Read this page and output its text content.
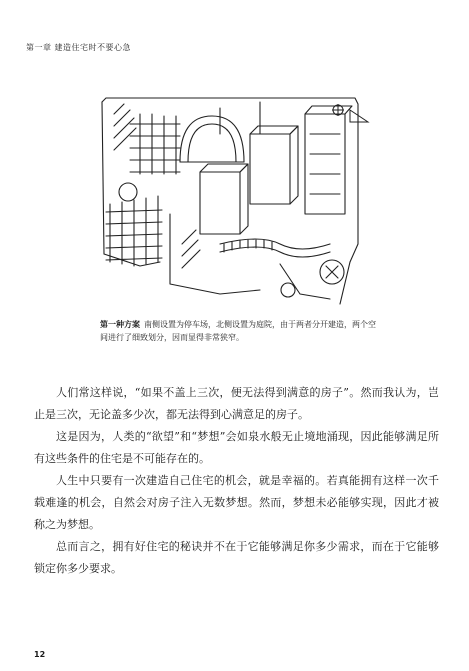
第一章 建造住宅时不要心急
第一种方案 南侧设置为停车场，北侧设置为庭院，由于两者分开建造，两个空间进行了细致划分，因而显得非常狭窄。

人们常这样说，“如果不盖上三次，便无法得到满意的房子”。然而我认为，岂止是三次，无论盖多少次，都无法得到心满意足的房子。

这是因为，人类的“欲望”和“梦想”会如泉水般无止境地涌现，因此能够满足所有这些条件的住宅是不可能存在的。

人生中只要有一次建造自己住宅的机会，就是幸福的。若真能拥有这样一次千载难逢的机会，自然会对房子注入无数梦想。然而，梦想未必能够实现，因此才被称之为梦想。

总而言之，拥有好住宅的秘诀并不在于它能够满足你多少需求，而在于它能够锁定你多少要求。

12
